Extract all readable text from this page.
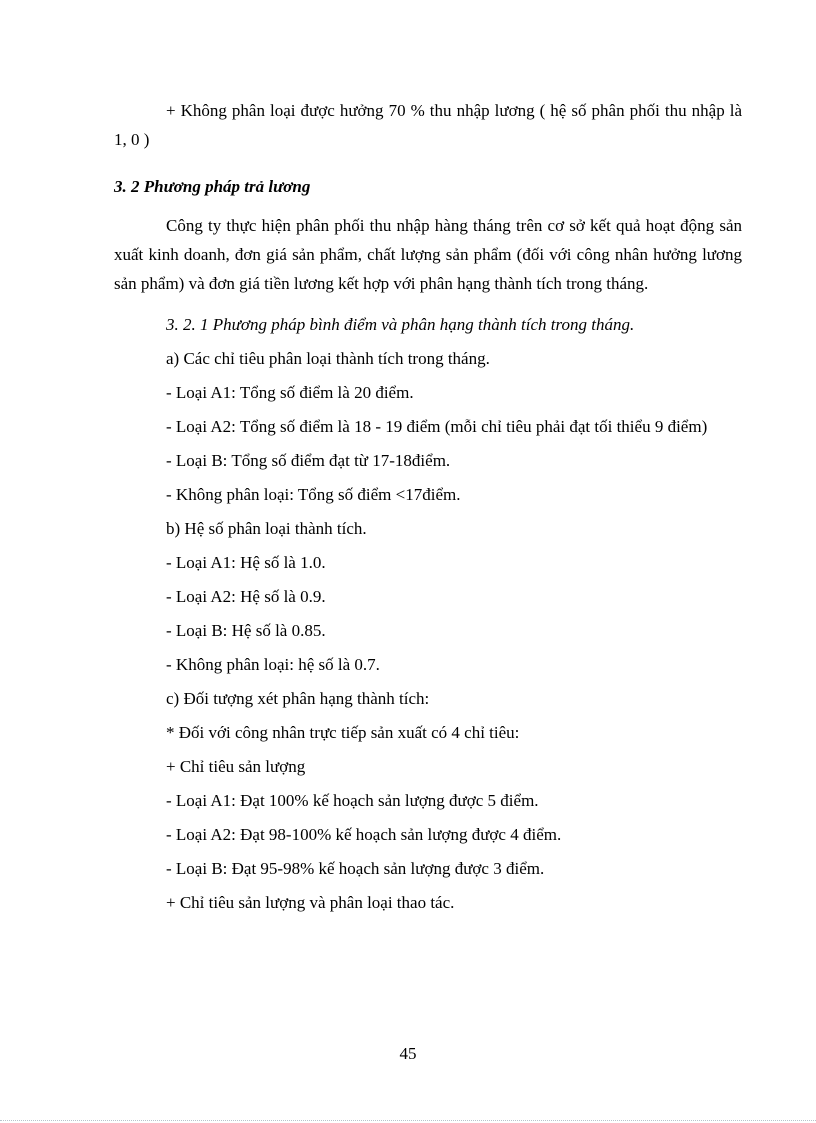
+ Không phân loại được hưởng 70 % thu nhập lương ( hệ số phân phối thu nhập là 1, 0 )

3. 2 Phương pháp trả lương

Công ty thực hiện phân phối thu nhập hàng tháng trên cơ sở kết quả hoạt động sản xuất kinh doanh, đơn giá sản phẩm, chất lượng sản phẩm (đối với công nhân hưởng lương sản phẩm) và đơn giá tiền lương kết hợp với phân hạng thành tích trong tháng.

3. 2. 1 Phương pháp bình điểm và phân hạng thành tích trong tháng.

a) Các chỉ tiêu phân loại thành tích trong tháng.

- Loại A1: Tổng số điểm là 20 điểm.

- Loại A2: Tổng số điểm là 18 - 19 điểm (mỗi chỉ tiêu phải đạt tối thiểu 9 điểm)

- Loại B: Tổng số điểm đạt từ 17-18điểm.

- Không phân loại: Tổng số điểm <17điểm.

b) Hệ số phân loại thành tích.

- Loại A1: Hệ số là 1.0.

- Loại A2: Hệ số là 0.9.

- Loại B: Hệ số là 0.85.

- Không phân loại: hệ số là 0.7.

c) Đối tượng xét phân hạng thành tích:

* Đối với công nhân trực tiếp sản xuất có 4 chỉ tiêu:

+ Chỉ tiêu sản lượng

- Loại A1: Đạt 100% kế hoạch sản lượng được 5 điểm.

- Loại A2: Đạt 98-100% kế hoạch sản lượng được 4 điểm.

- Loại B: Đạt 95-98% kế hoạch sản lượng được 3 điểm.

+ Chỉ tiêu sản lượng và phân loại thao tác.

45
